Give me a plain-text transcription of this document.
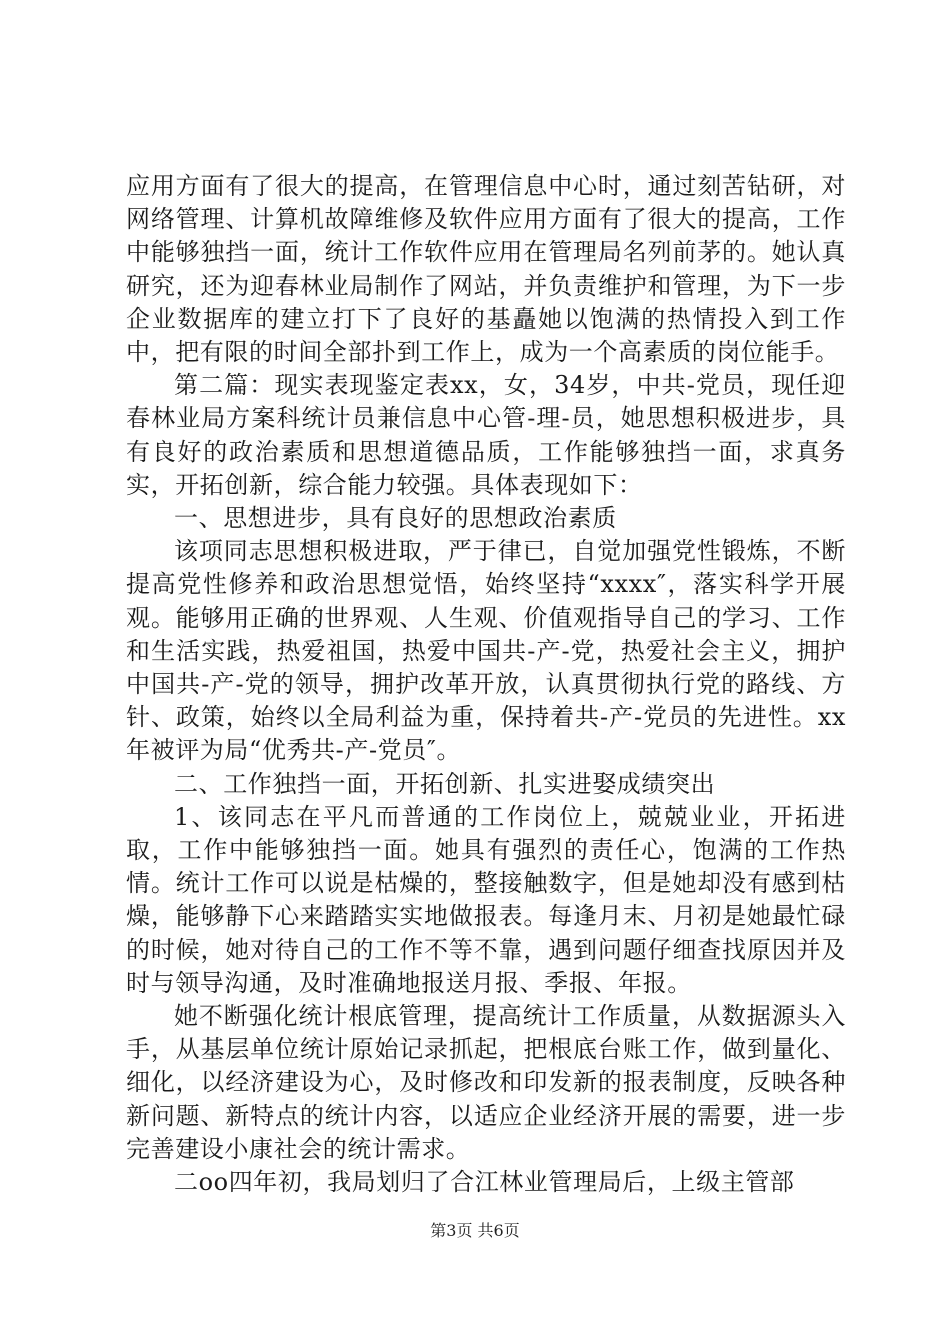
应用方面有了很大的提高，在管理信息中心时，通过刻苦钻研，对网络管理、计算机故障维修及软件应用方面有了很大的提高，工作中能够独挡一面，统计工作软件应用在管理局名列前茅的。她认真研究，还为迎春林业局制作了网站，并负责维护和管理，为下一步企业数据库的建立打下了良好的基矗她以饱满的热情投入到工作中，把有限的时间全部扑到工作上，成为一个高素质的岗位能手。

第二篇：现实表现鉴定表xx，女，34岁，中共-党员，现任迎春林业局方案科统计员兼信息中心管-理-员，她思想积极进步，具有良好的政治素质和思想道德品质，工作能够独挡一面，求真务实，开拓创新，综合能力较强。具体表现如下：

一、思想进步，具有良好的思想政治素质

该项同志思想积极进取，严于律已，自觉加强党性锻炼，不断提高党性修养和政治思想觉悟，始终坚持“xxxx″，落实科学开展观。能够用正确的世界观、人生观、价值观指导自己的学习、工作和生活实践，热爱祖国，热爱中国共-产-党，热爱社会主义，拥护中国共-产-党的领导，拥护改革开放，认真贯彻执行党的路线、方针、政策，始终以全局利益为重，保持着共-产-党员的先进性。xx年被评为局“优秀共-产-党员″。

二、工作独挡一面，开拓创新、扎实进娶成绩突出

1、该同志在平凡而普通的工作岗位上，兢兢业业，开拓进取，工作中能够独挡一面。她具有强烈的责任心，饱满的工作热情。统计工作可以说是枯燥的，整接触数字，但是她却没有感到枯燥，能够静下心来踏踏实实地做报表。每逢月末、月初是她最忙碌的时候，她对待自己的工作不等不靠，遇到问题仔细查找原因并及时与领导沟通，及时准确地报送月报、季报、年报。

她不断强化统计根底管理，提高统计工作质量，从数据源头入手，从基层单位统计原始记录抓起，把根底台账工作，做到量化、细化，以经济建设为心，及时修改和印发新的报表制度，反映各种新问题、新特点的统计内容，以适应企业经济开展的需要，进一步完善建设小康社会的统计需求。

二oo四年初，我局划归了合江林业管理局后，上级主管部

第3页 共6页
